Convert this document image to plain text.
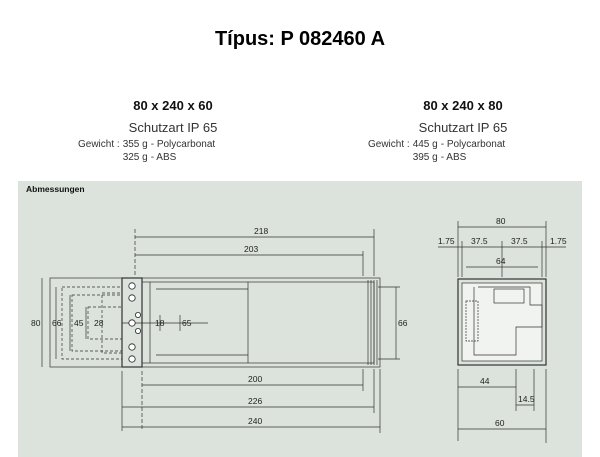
Típus: P 082460 A
80 x 240 x 60
Schutzart IP 65
Gewicht :	355 g	- Polycarbonat
	325 g	- ABS
80 x 240 x 80
Schutzart IP 65
Gewicht :	445 g	- Polycarbonat
	395 g	- ABS
Abmessungen
218
203
200
226
240
80 66 45 28	18 65	66
80
1.75 37.5	37.5	1.75
64
44
14.5
60
